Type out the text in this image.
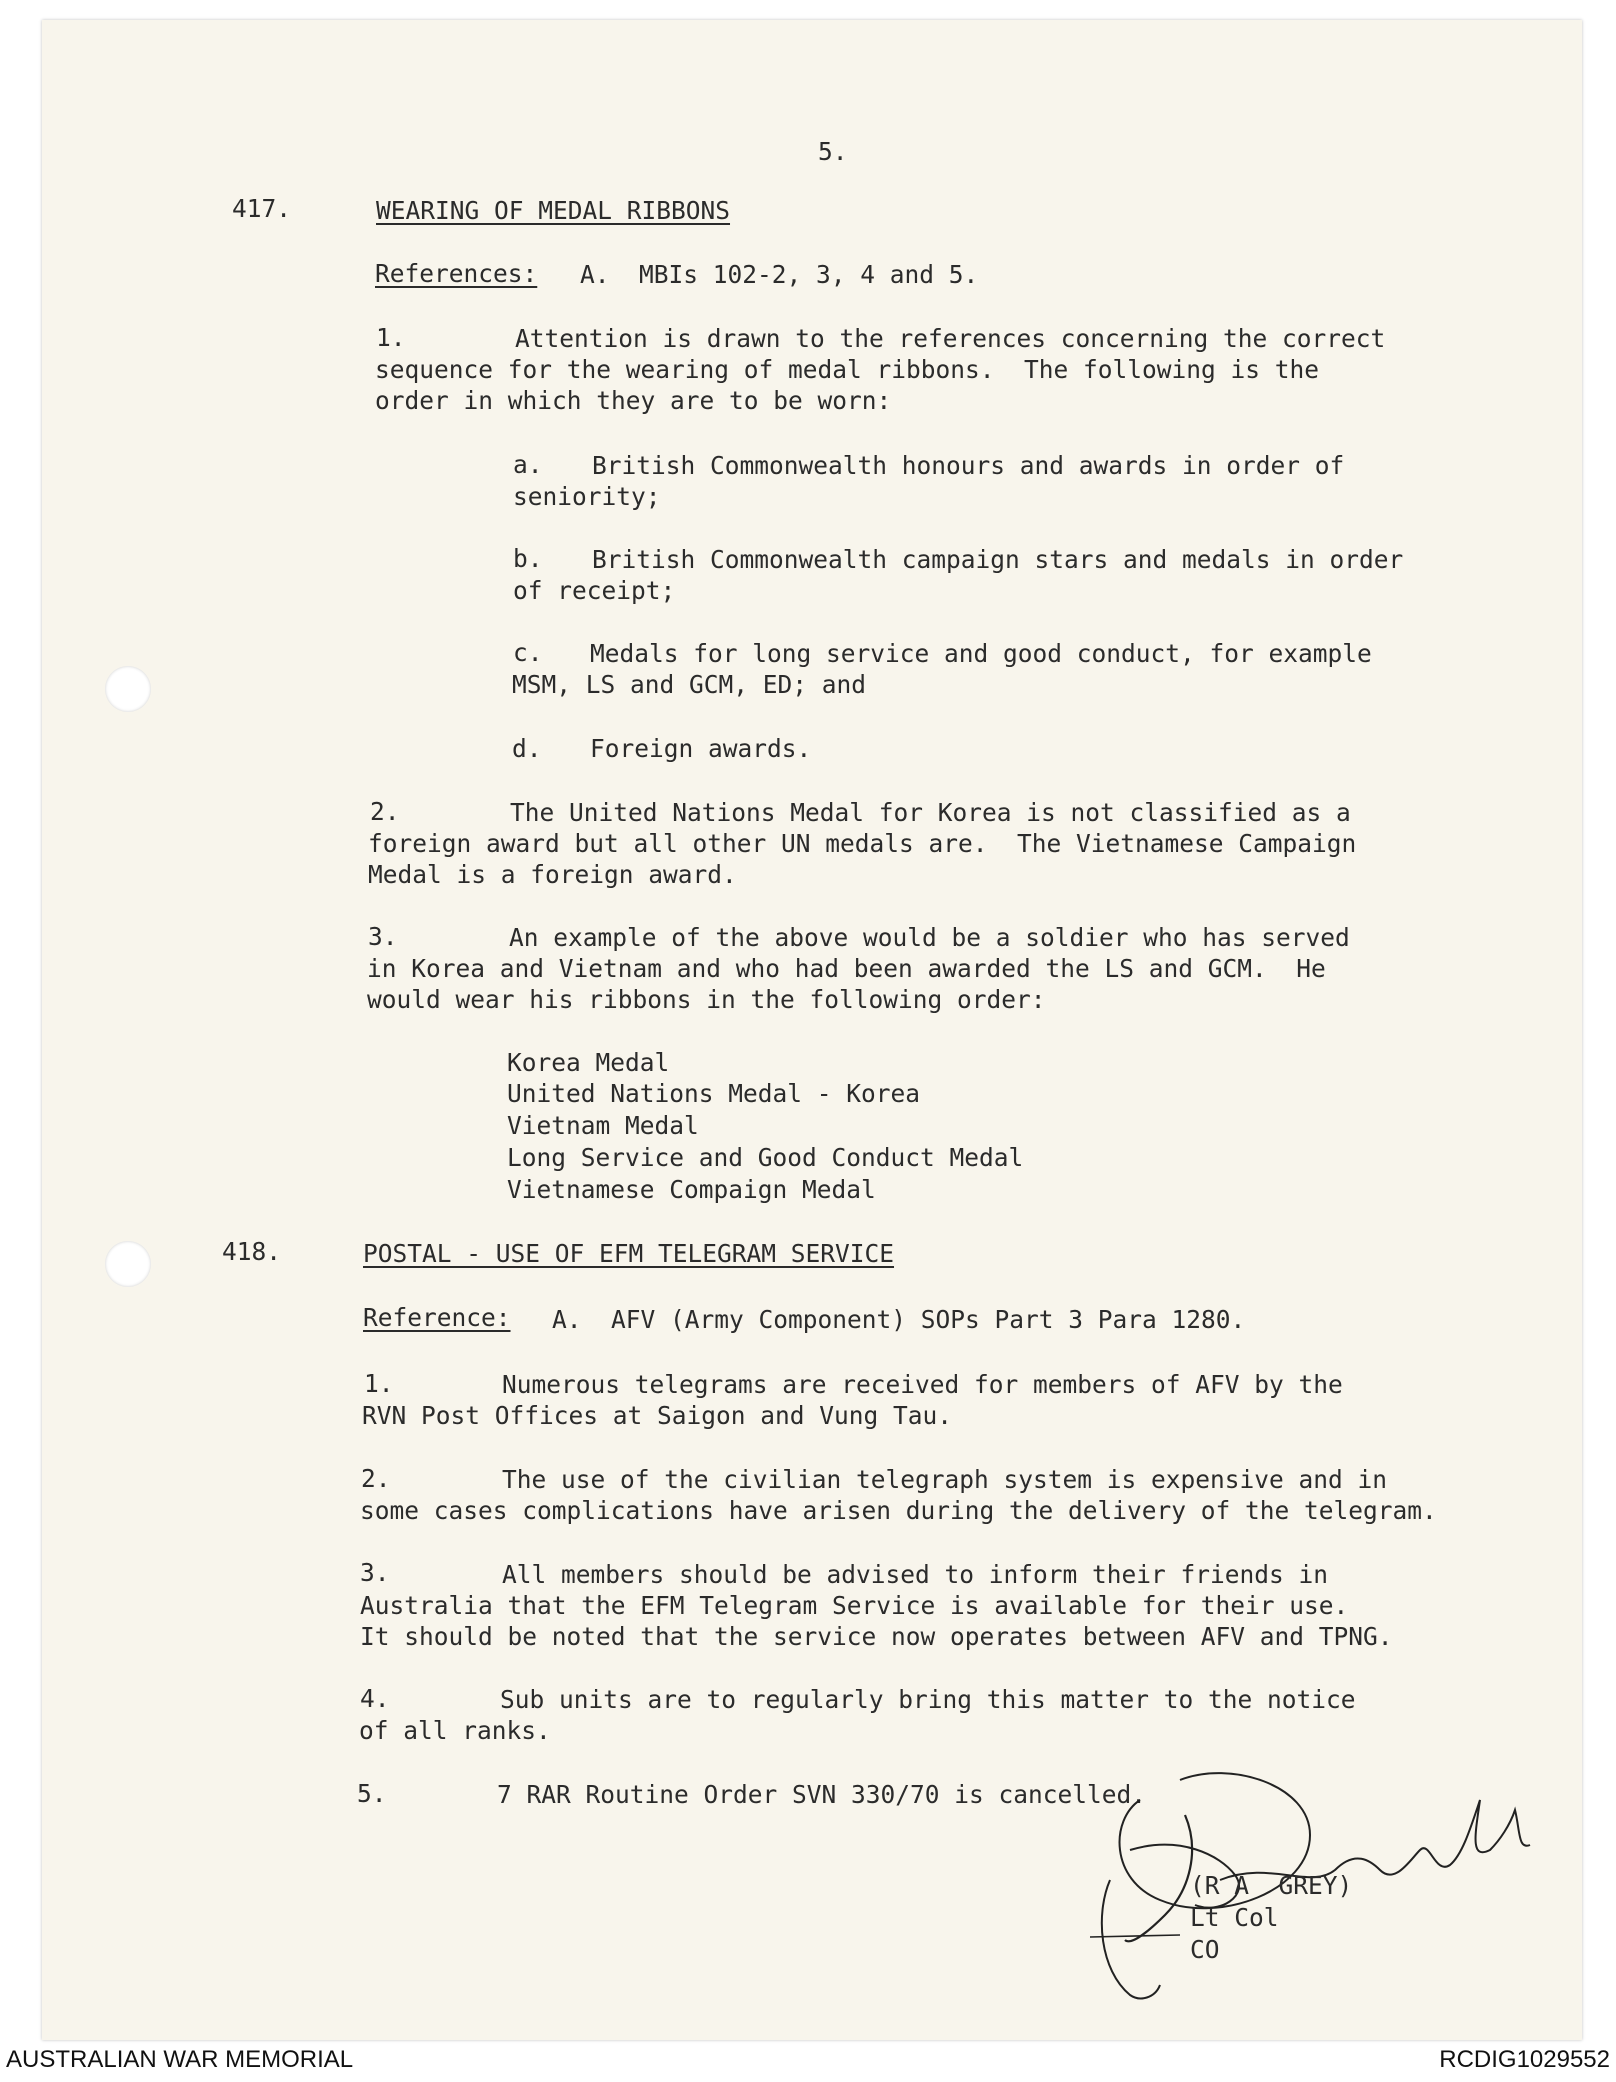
5.
417.	WEARING OF MEDAL RIBBONS
References: A.  MBIs 102-2, 3, 4 and 5.
1.	Attention is drawn to the references concerning the correct
sequence for the wearing of medal ribbons.  The following is the
order in which they are to be worn:
a. British Commonwealth honours and awards in order of
seniority;
b. British Commonwealth campaign stars and medals in order
of receipt;
c. Medals for long service and good conduct, for example
MSM, LS and GCM, ED; and
d. Foreign awards.
2.	The United Nations Medal for Korea is not classified as a
foreign award but all other UN medals are.  The Vietnamese Campaign
Medal is a foreign award.
3.	An example of the above would be a soldier who has served
in Korea and Vietnam and who had been awarded the LS and GCM.  He
would wear his ribbons in the following order:
Korea Medal
United Nations Medal - Korea
Vietnam Medal
Long Service and Good Conduct Medal
Vietnamese Compaign Medal
418.	POSTAL - USE OF EFM TELEGRAM SERVICE
Reference: A.  AFV (Army Component) SOPs Part 3 Para 1280.
1.	Numerous telegrams are received for members of AFV by the
RVN Post Offices at Saigon and Vung Tau.
2.	The use of the civilian telegraph system is expensive and in
some cases complications have arisen during the delivery of the telegram.
3.	All members should be advised to inform their friends in
Australia that the EFM Telegram Service is available for their use.
It should be noted that the service now operates between AFV and TPNG.
4.	Sub units are to regularly bring this matter to the notice
of all ranks.
5.	7 RAR Routine Order SVN 330/70 is cancelled.
(R A  GREY)
Lt Col
CO
AUSTRALIAN WAR MEMORIAL	RCDIG1029552
